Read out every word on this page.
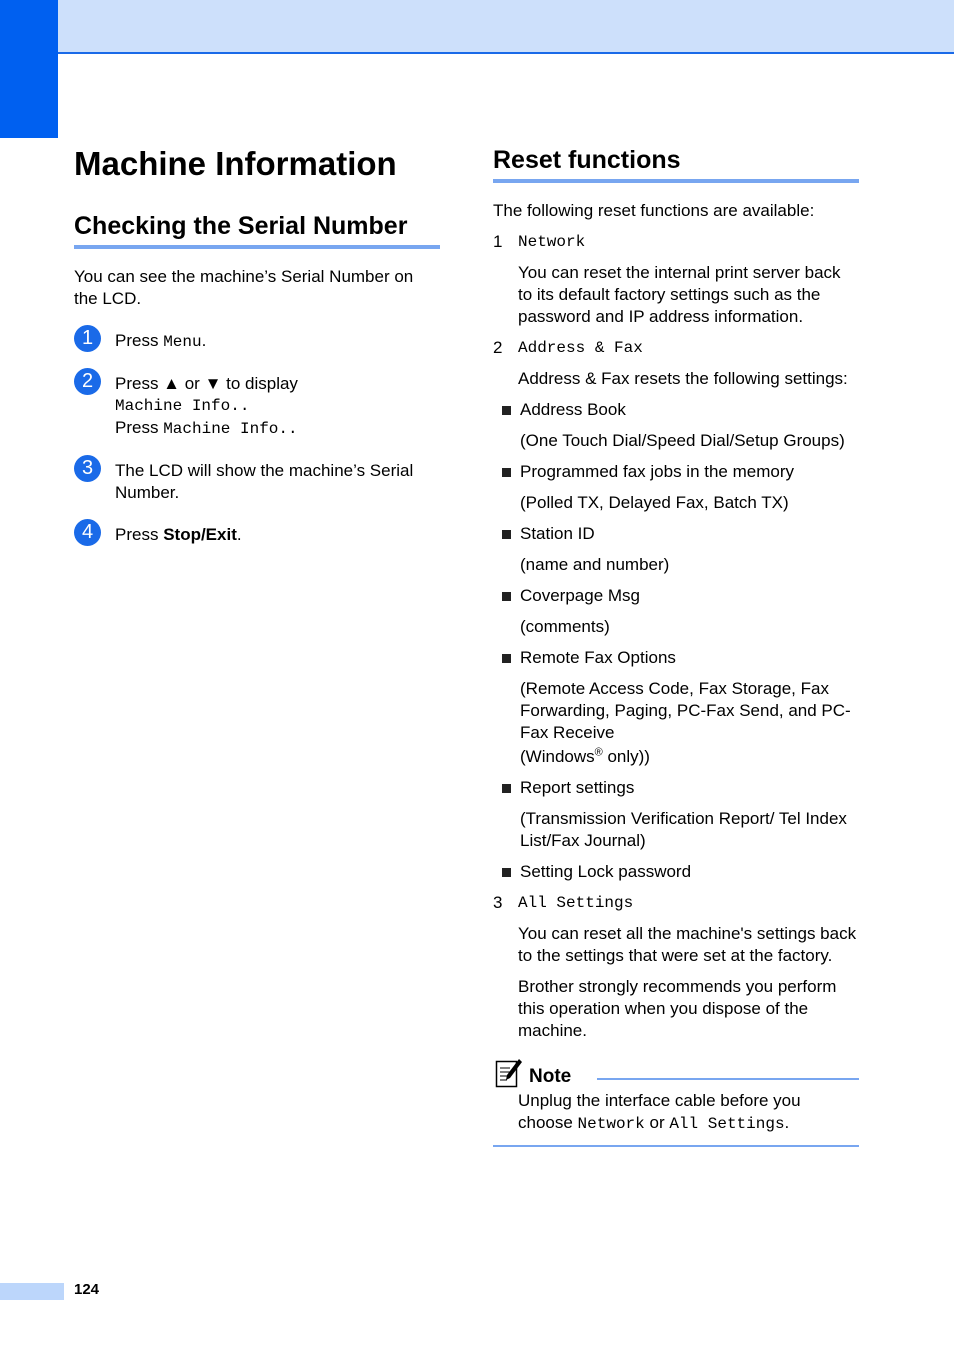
Machine Information
Checking the Serial Number

You can see the machine’s Serial Number on the LCD.

1	Press Menu.
2	Press ▲ or ▼ to display
Machine Info..
Press Machine Info..
3	The LCD will show the machine’s Serial Number.
4	Press Stop/Exit.
Reset functions

The following reset functions are available:

1 Network

You can reset the internal print server back to its default factory settings such as the password and IP address information.

2 Address & Fax

Address & Fax resets the following settings:

Address Book
(One Touch Dial/Speed Dial/Setup Groups)
Programmed fax jobs in the memory
(Polled TX, Delayed Fax, Batch TX)
Station ID
(name and number)
Coverpage Msg
(comments)
Remote Fax Options
(Remote Access Code, Fax Storage, Fax Forwarding, Paging, PC-Fax Send, and PC-Fax Receive
(Windows® only))
Report settings
(Transmission Verification Report/ Tel Index List/Fax Journal)
Setting Lock password
3 All Settings

You can reset all the machine's settings back to the settings that were set at the factory.

Brother strongly recommends you perform this operation when you dispose of the machine.

Note
Unplug the interface cable before you choose Network or All Settings.
124
